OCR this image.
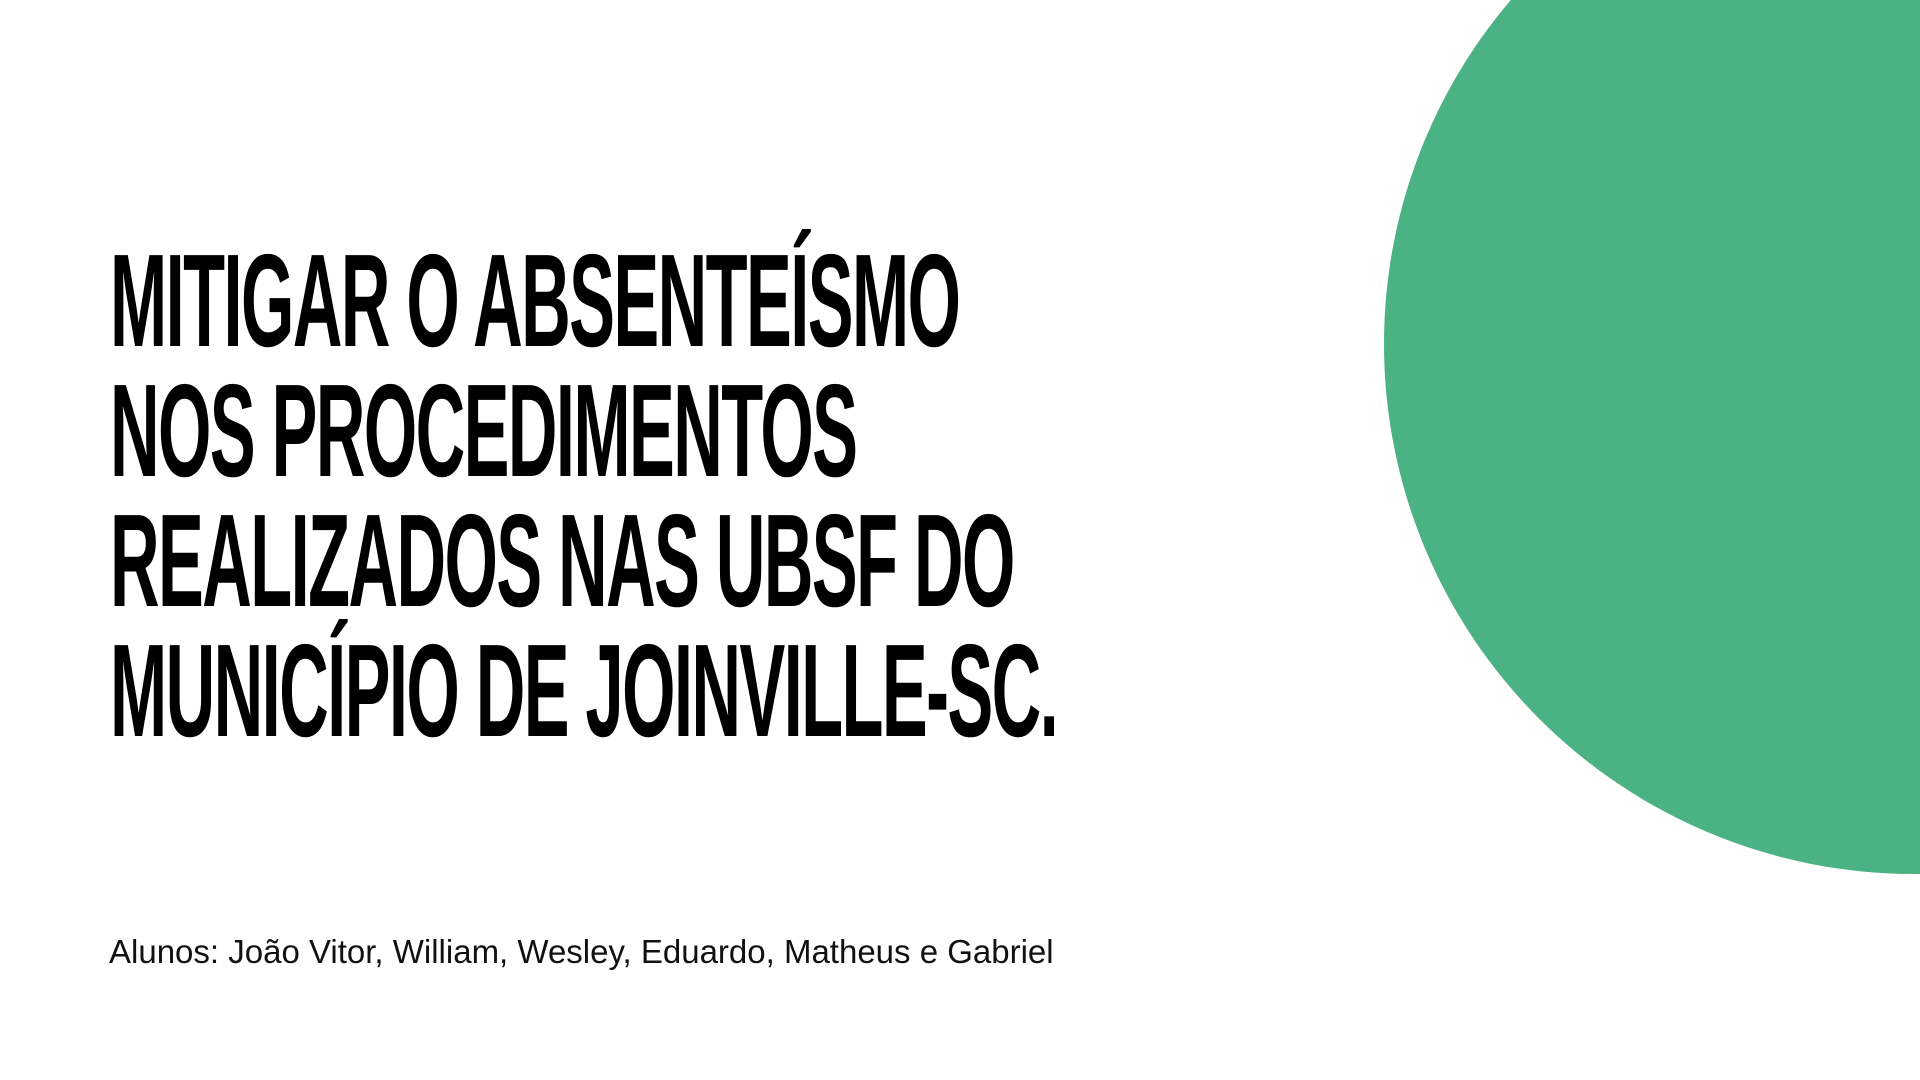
MITIGAR O ABSENTEÍSMO
NOS PROCEDIMENTOS
REALIZADOS NAS UBSF DO
MUNICÍPIO DE JOINVILLE-SC.

Alunos: João Vitor, William, Wesley, Eduardo, Matheus e Gabriel
